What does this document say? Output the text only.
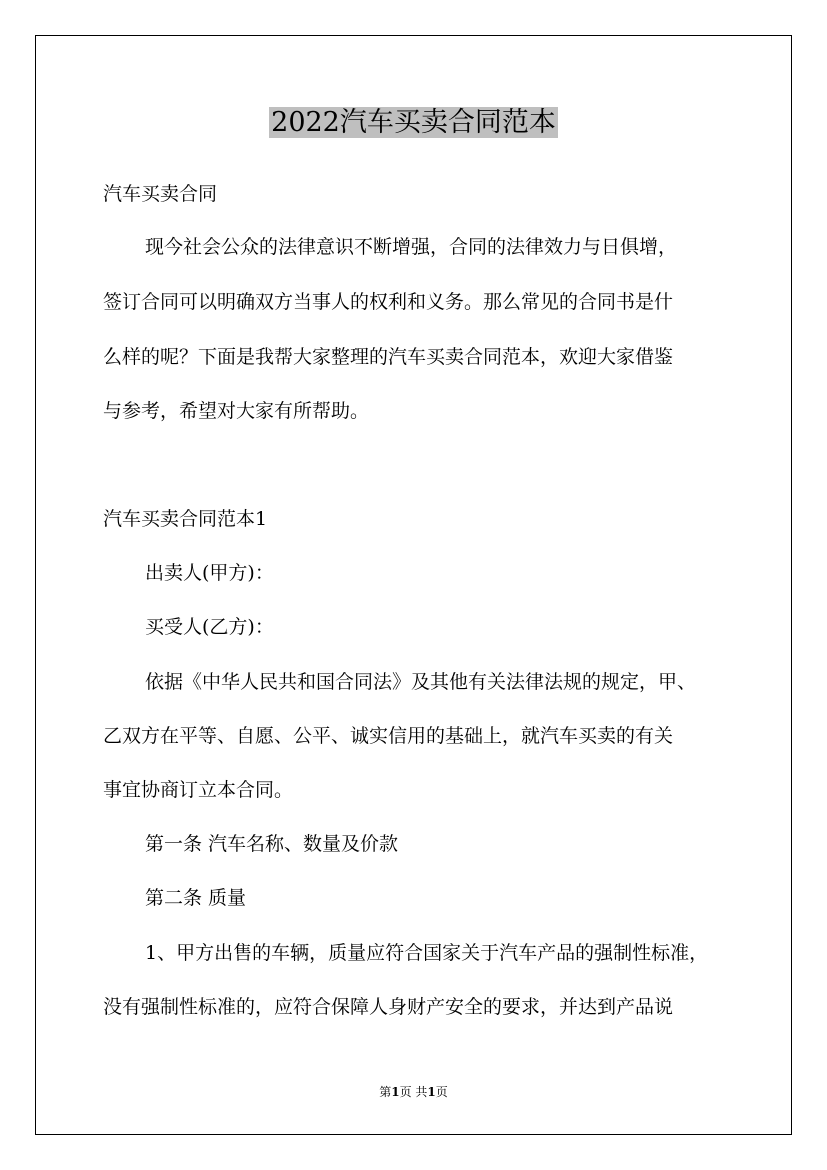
2022汽车买卖合同范本
汽车买卖合同
现今社会公众的法律意识不断增强，合同的法律效力与日俱增，
签订合同可以明确双方当事人的权利和义务。那么常见的合同书是什
么样的呢？下面是我帮大家整理的汽车买卖合同范本，欢迎大家借鉴
与参考，希望对大家有所帮助。
汽车买卖合同范本1
出卖人(甲方)：
买受人(乙方)：
依据《中华人民共和国合同法》及其他有关法律法规的规定，甲、
乙双方在平等、自愿、公平、诚实信用的基础上，就汽车买卖的有关
事宜协商订立本合同。
第一条 汽车名称、数量及价款
第二条 质量
1、甲方出售的车辆，质量应符合国家关于汽车产品的强制性标准，
没有强制性标准的，应符合保障人身财产安全的要求，并达到产品说
第1页 共1页
